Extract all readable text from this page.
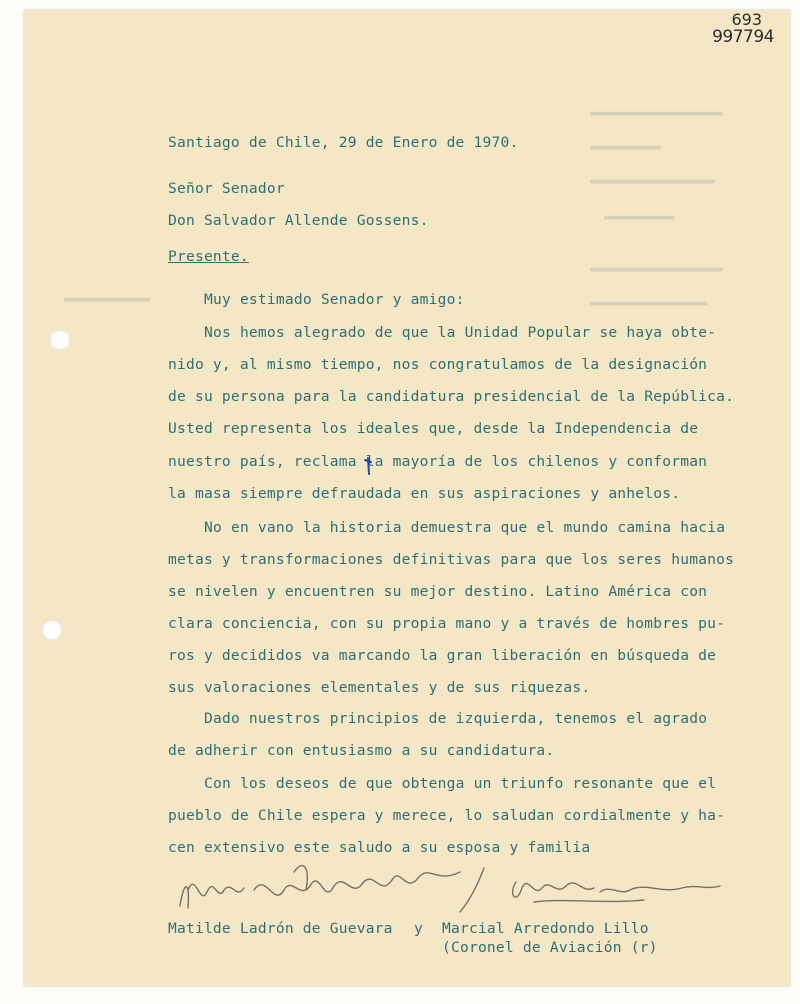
▬▬▬▬▬▬▬▬▬▬▬▬▬▬▬▬▬
▬▬▬▬▬▬▬▬▬
▬▬▬▬▬▬▬▬▬▬▬▬▬▬▬▬
▬▬▬▬▬▬▬▬▬
▬▬▬▬▬▬▬▬▬▬▬▬▬▬▬▬▬
▬▬▬▬▬▬▬▬▬▬▬	▬▬▬▬▬▬▬▬▬▬▬▬▬▬▬
693
997794
Santiago de Chile, 29 de Enero de 1970.
Señor Senador
Don Salvador Allende Gossens.
Presente.
Muy estimado Senador y amigo:
Nos hemos alegrado de que la Unidad Popular se haya obte-
nido y, al mismo tiempo, nos congratulamos de la designación
de su persona para la candidatura presidencial de la República.
Usted representa los ideales que, desde la Independencia de
nuestro país, reclama la mayoría de los chilenos y conforman
la masa siempre defraudada en sus aspiraciones y anhelos.
No en vano la historia demuestra que el mundo camina hacia
metas y transformaciones definitivas para que los seres humanos
se nivelen y encuentren su mejor destino. Latino América con
clara conciencia, con su propia mano y a través de hombres pu-
ros y decididos va marcando la gran liberación en búsqueda de
sus valoraciones elementales y de sus riquezas.
Dado nuestros principios de izquierda, tenemos el agrado
de adherir con entusiasmo a su candidatura.
Con los deseos de que obtenga un triunfo resonante que el
pueblo de Chile espera y merece, lo saludan cordialmente y ha-
cen extensivo este saludo a su esposa y familia
Matilde Ladrón de Guevara y Marcial Arredondo Lillo
(Coronel de Aviación (r)
